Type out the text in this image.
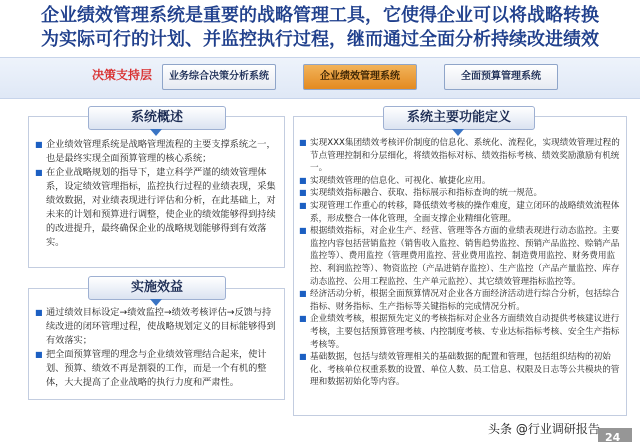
企业绩效管理系统是重要的战略管理工具，它使得企业可以将战略转换
为实际可行的计划、并监控执行过程，继而通过全面分析持续改进绩效
决策支持层	业务综合决策分析系统	企业绩效管理系统	全面预算管理系统
系统概述

■ 企业绩效管理系统是战略管理流程的主要支撑系统之一，也是最终实现全面预算管理的核心系统；

■ 在企业战略规划的指导下，建立科学严谨的绩效管理体系，设定绩效管理指标，监控执行过程的业绩表现，采集绩效数据，对业绩表现进行评估和分析，在此基础上，对未来的计划和预算进行调整，使企业的绩效能够得到持续的改进提升，最终确保企业的战略规划能够得到有效落实。

实施效益

■ 通过绩效目标设定→绩效监控→绩效考核评估→反馈与持续改进的闭环管理过程，使战略规划定义的目标能够得到有效落实；

■ 把全面预算管理的理念与企业绩效管理结合起来，使计划、预算、绩效不再是割裂的工作，而是一个有机的整体，大大提高了企业战略的执行力度和严肃性。

系统主要功能定义

■ 实现XXX集团绩效考核评价制度的信息化、系统化、流程化，实现绩效管理过程的节点管理控制和分层细化，将绩效指标对标、绩效指标考核、绩效奖励激励有机统一。

■ 实现绩效管理的信息化、可视化、敏捷化应用。

■ 实现绩效指标融合、获取、指标展示和指标查询的统一规范。

■ 实现管理工作重心的转移，降低绩效考核的操作难度，建立闭环的战略绩效流程体系，形成整合一体化管理，全面支撑企业精细化管理。

■ 根据绩效指标，对企业生产、经营、管理等各方面的业绩表现进行动态监控。主要监控内容包括营销监控（销售收入监控、销售趋势监控、预销产品监控、赊销产品监控等）、费用监控（管理费用监控、营业费用监控、制造费用监控、财务费用监控、利润监控等）、物资监控（产品进销存监控）、生产监控（产品产量监控、库存动态监控、公用工程监控、生产单元监控）、其它绩效管理指标监控等。

■ 经济活动分析，根据全面预算情况对企业各方面经济活动进行综合分析，包括综合指标、财务指标、生产指标等关键指标的完成情况分析。

■ 企业绩效考核，根据预先定义的考核指标对企业各方面绩效自动提供考核建议进行考核，主要包括预算管理考核、内控制度考核、专业达标指标考核、安全生产指标考核等。

■ 基础数据，包括与绩效管理相关的基础数据的配置和管理，包括组织结构的初始化、考核单位权重系数的设置、单位人数、员工信息、权限及日志等公共模块的管理和数据初始化等内容。

头条 @行业调研报告
24
